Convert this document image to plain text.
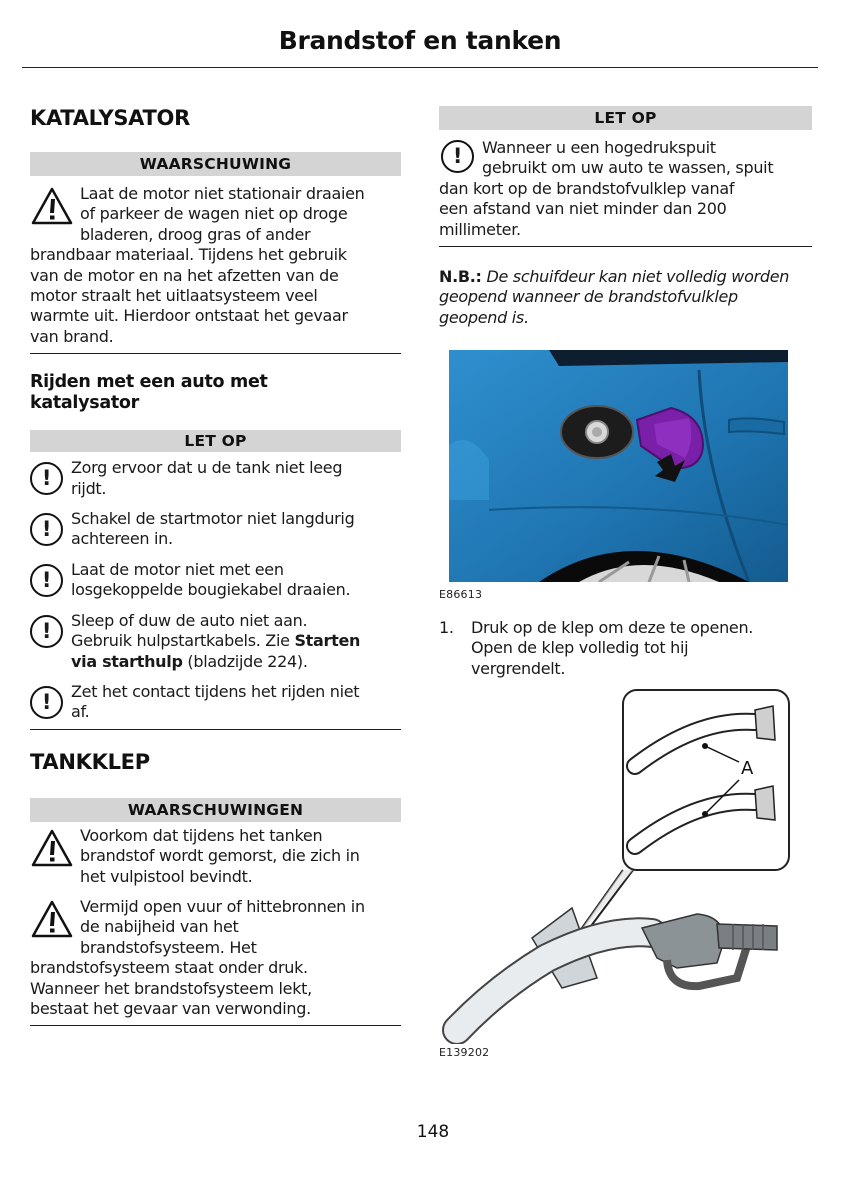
Brandstof en tanken
KATALYSATOR
WAARSCHUWING
Laat de motor niet stationair draaien
of parkeer de wagen niet op droge
bladeren, droog gras of ander
brandbaar materiaal. Tijdens het gebruik
van de motor en na het afzetten van de
motor straalt het uitlaatsysteem veel
warmte uit. Hierdoor ontstaat het gevaar
van brand.
Rijden met een auto met
katalysator
LET OP
!	Zorg ervoor dat u de tank niet leeg
rijdt.
!	Schakel de startmotor niet langdurig
achtereen in.
!	Laat de motor niet met een
losgekoppelde bougiekabel draaien.
!	Sleep of duw de auto niet aan.
Gebruik hulpstartkabels. Zie Starten
via starthulp (bladzijde 224).
!	Zet het contact tijdens het rijden niet
af.
TANKKLEP
WAARSCHUWINGEN
Voorkom dat tijdens het tanken
brandstof wordt gemorst, die zich in
het vulpistool bevindt.
Vermijd open vuur of hittebronnen in
de nabijheid van het
brandstofsysteem. Het
brandstofsysteem staat onder druk.
Wanneer het brandstofsysteem lekt,
bestaat het gevaar van verwonding.
LET OP
!	Wanneer u een hogedrukspuit
gebruikt om uw auto te wassen, spuit
dan kort op de brandstofvulklep vanaf
een afstand van niet minder dan 200
millimeter.
N.B.: De schuifdeur kan niet volledig worden
geopend wanneer de brandstofvulklep
geopend is.
E86613
1. Druk op de klep om deze te openen.
Open de klep volledig tot hij
vergrendelt.
A
E139202
148
